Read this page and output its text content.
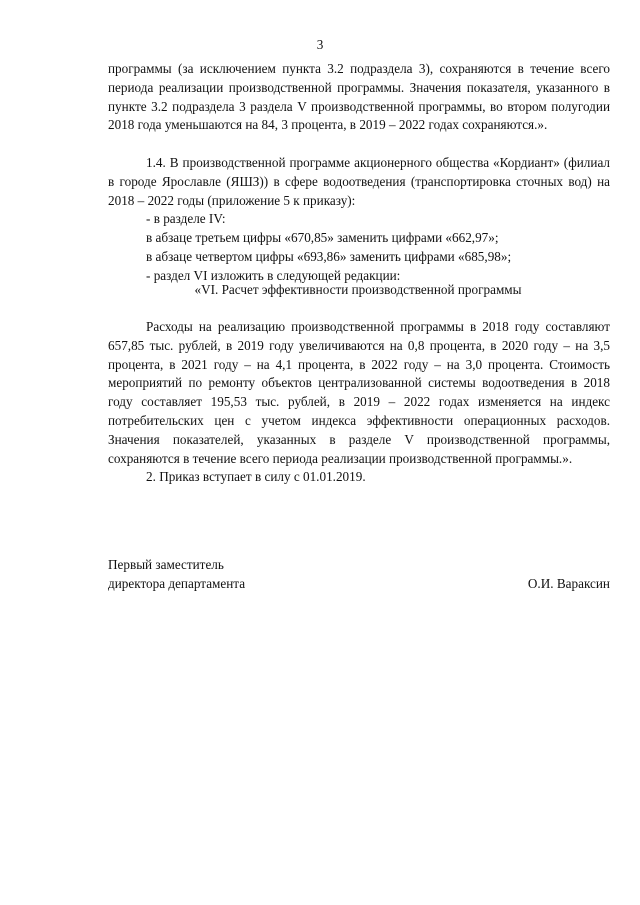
3

программы (за исключением пункта 3.2 подраздела 3), сохраняются в течение всего периода реализации производственной программы. Значения показателя, указанного в пункте 3.2 подраздела 3 раздела V производственной программы, во втором полугодии 2018 года уменьшаются на 84, 3 процента, в 2019 – 2022 годах сохраняются.».

1.4. В производственной программе акционерного общества «Кордиант» (филиал в городе Ярославле (ЯШЗ)) в сфере водоотведения (транспортировка сточных вод) на 2018 – 2022 годы (приложение 5 к приказу):

- в разделе IV:

в абзаце третьем цифры «670,85» заменить цифрами «662,97»;

в абзаце четвертом цифры «693,86» заменить цифрами «685,98»;

- раздел VI изложить в следующей редакции:

«VI. Расчет эффективности производственной программы

Расходы на реализацию производственной программы в 2018 году составляют 657,85 тыс. рублей, в 2019 году увеличиваются на 0,8 процента, в 2020 году – на 3,5 процента, в 2021 году – на 4,1 процента, в 2022 году – на 3,0 процента. Стоимость мероприятий по ремонту объектов централизованной системы водоотведения в 2018 году составляет 195,53 тыс. рублей, в 2019 – 2022 годах изменяется на индекс потребительских цен с учетом индекса эффективности операционных расходов. Значения показателей, указанных в разделе V производственной программы, сохраняются в течение всего периода реализации производственной программы.».

2. Приказ вступает в силу с 01.01.2019.

Первый заместитель
директора департамента	О.И. Вараксин
